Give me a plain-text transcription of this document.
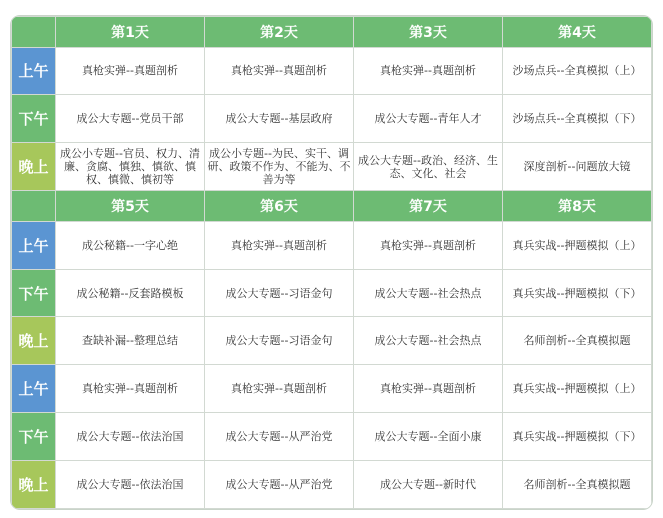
	第1天	第2天	第3天	第4天
上午	真枪实弹--真题剖析	真枪实弹--真题剖析	真枪实弹--真题剖析	沙场点兵--全真模拟（上）
下午	成公大专题--党员干部	成公大专题--基层政府	成公大专题--青年人才	沙场点兵--全真模拟（下）
晚上	成公小专题--官员、权力、清廉、贪腐、慎独、慎欲、慎权、慎微、慎初等	成公小专题--为民、实干、调研、政策不作为、不能为、不善为等	成公大专题--政治、经济、生态、文化、社会	深度剖析--问题放大镜
	第5天	第6天	第7天	第8天
上午	成公秘籍--一字心绝	真枪实弹--真题剖析	真枪实弹--真题剖析	真兵实战--押题模拟（上）
下午	成公秘籍--反套路模板	成公大专题--习语金句	成公大专题--社会热点	真兵实战--押题模拟（下）
晚上	查缺补漏--整理总结	成公大专题--习语金句	成公大专题--社会热点	名师剖析--全真模拟题
上午	真枪实弹--真题剖析	真枪实弹--真题剖析	真枪实弹--真题剖析	真兵实战--押题模拟（上）
下午	成公大专题--依法治国	成公大专题--从严治党	成公大专题--全面小康	真兵实战--押题模拟（下）
晚上	成公大专题--依法治国	成公大专题--从严治党	成公大专题--新时代	名师剖析--全真模拟题
